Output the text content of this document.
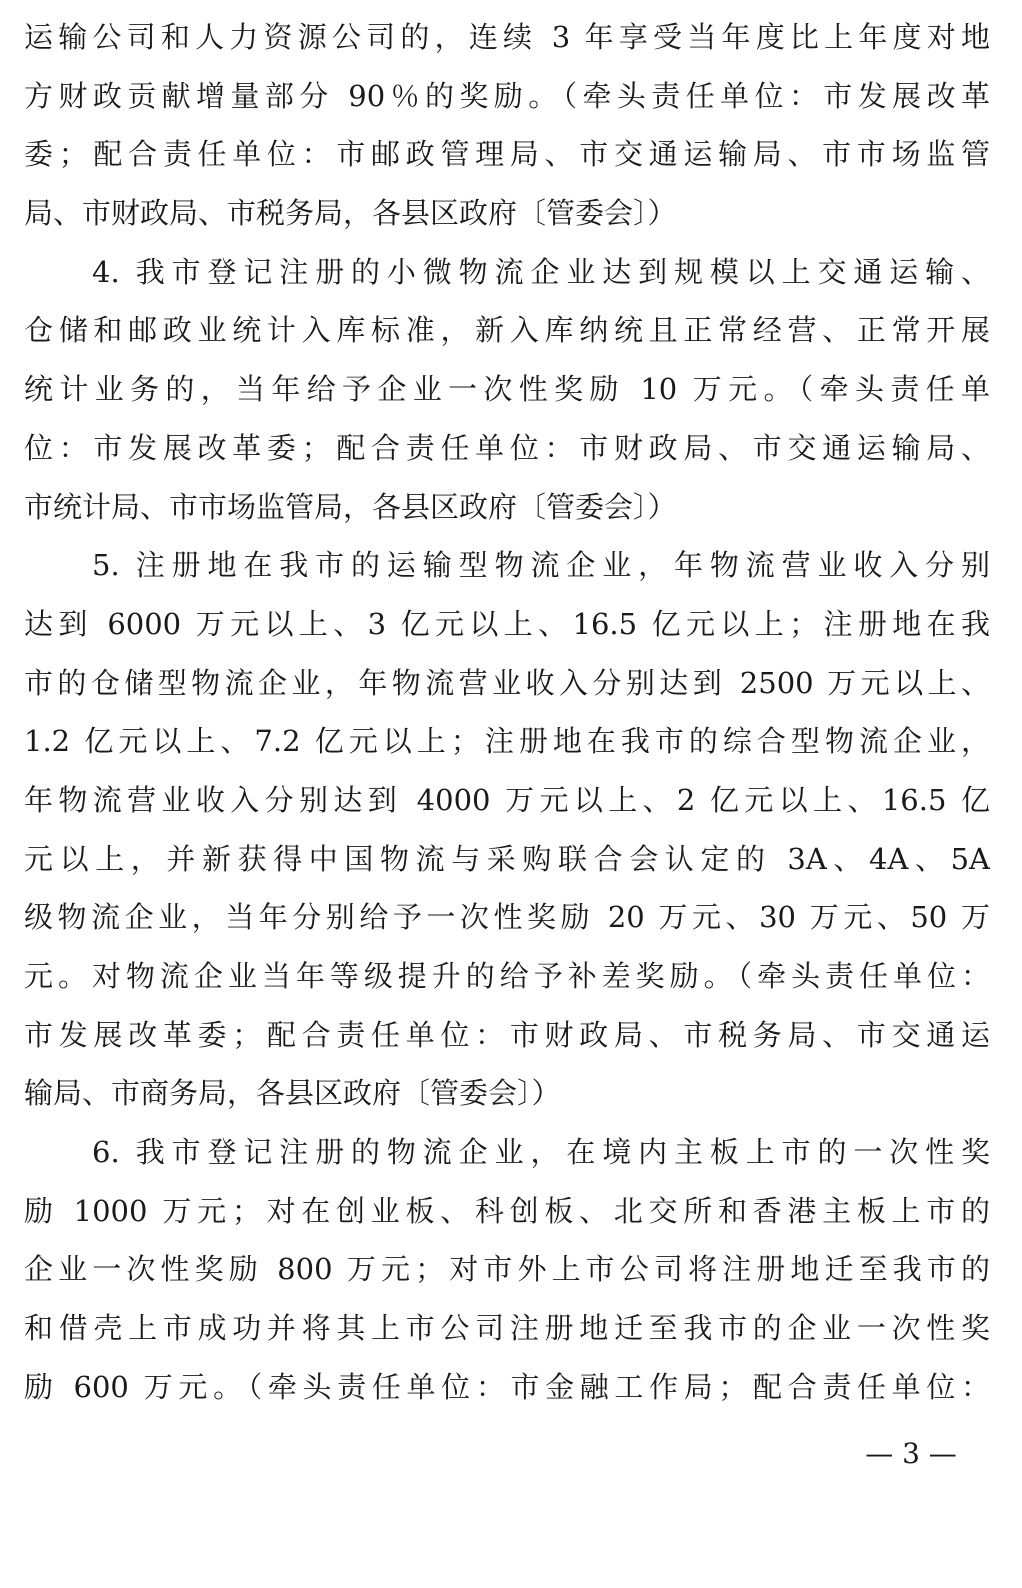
运输公司和人力资源公司的，连续 3 年享受当年度比上年度对地
方财政贡献增量部分 90％的奖励。（牵头责任单位：市发展改革
委；配合责任单位：市邮政管理局、市交通运输局、市市场监管
局、市财政局、市税务局，各县区政府〔管委会〕）
4. 我市登记注册的小微物流企业达到规模以上交通运输、
仓储和邮政业统计入库标准，新入库纳统且正常经营、正常开展
统计业务的，当年给予企业一次性奖励 10 万元。（牵头责任单
位：市发展改革委；配合责任单位：市财政局、市交通运输局、
市统计局、市市场监管局，各县区政府〔管委会〕）
5. 注册地在我市的运输型物流企业，年物流营业收入分别
达到 6000 万元以上、3 亿元以上、16.5 亿元以上；注册地在我
市的仓储型物流企业，年物流营业收入分别达到 2500 万元以上、
1.2 亿元以上、7.2 亿元以上；注册地在我市的综合型物流企业，
年物流营业收入分别达到 4000 万元以上、2 亿元以上、16.5 亿
元以上，并新获得中国物流与采购联合会认定的 3A、4A、5A
级物流企业，当年分别给予一次性奖励 20 万元、30 万元、50 万
元。对物流企业当年等级提升的给予补差奖励。（牵头责任单位：
市发展改革委；配合责任单位：市财政局、市税务局、市交通运
输局、市商务局，各县区政府〔管委会〕）
6. 我市登记注册的物流企业，在境内主板上市的一次性奖
励 1000 万元；对在创业板、科创板、北交所和香港主板上市的
企业一次性奖励 800 万元；对市外上市公司将注册地迁至我市的
和借壳上市成功并将其上市公司注册地迁至我市的企业一次性奖
励 600 万元。（牵头责任单位：市金融工作局；配合责任单位：
— 3 —
